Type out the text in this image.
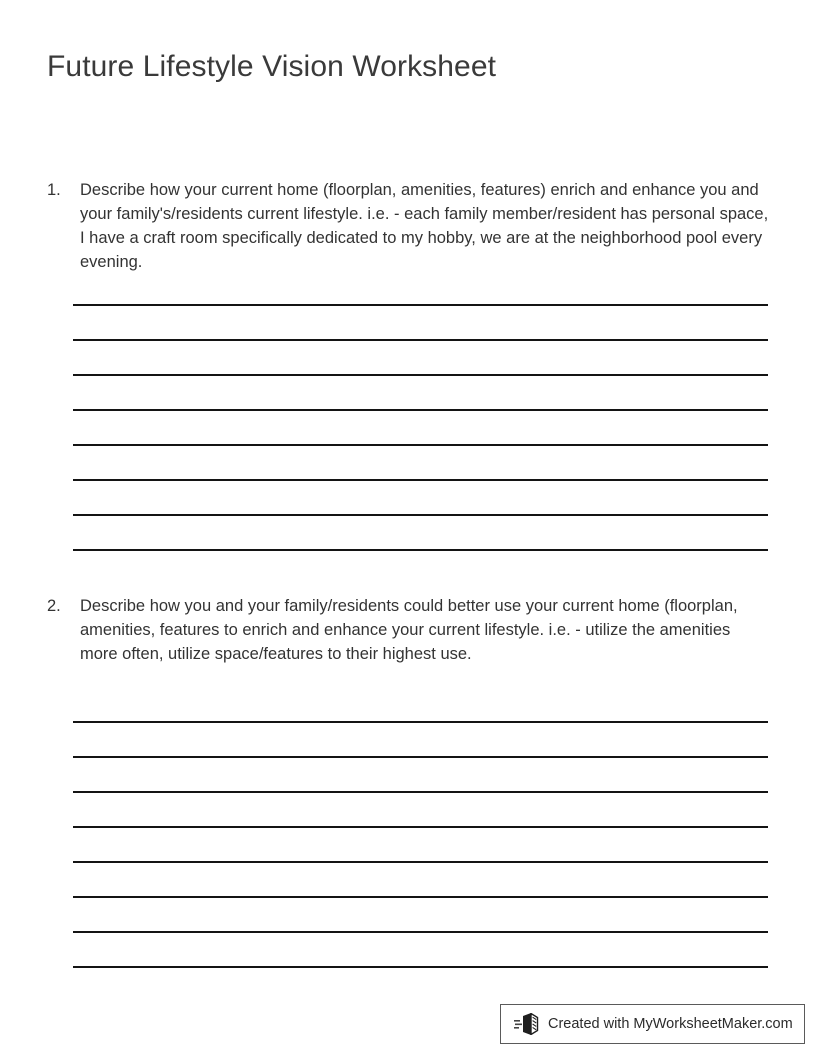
Future Lifestyle Vision Worksheet
1.	Describe how your current home (floorplan, amenities, features) enrich and enhance you and your family's/residents current lifestyle. i.e. - each family member/resident has personal space, I have a craft room specifically dedicated to my hobby, we are at the neighborhood pool every evening.
2.	Describe how you and your family/residents could better use your current home (floorplan, amenities, features to enrich and enhance your current lifestyle. i.e. - utilize the amenities more often, utilize space/features to their highest use.
Created with MyWorksheetMaker.com
